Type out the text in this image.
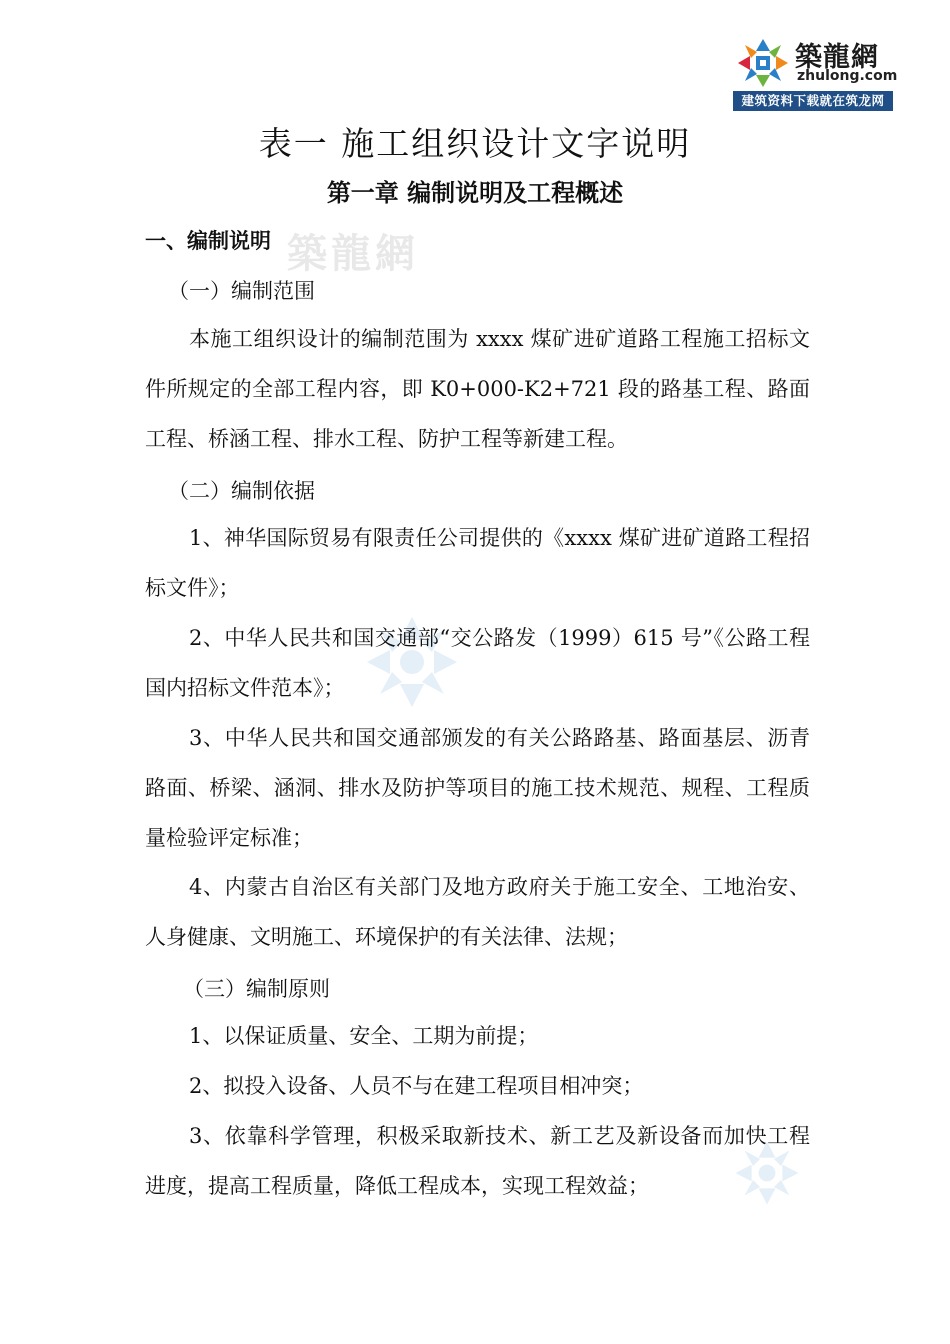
築龍網
築龍網
zhulong.com
建筑资料下载就在筑龙网
表一 施工组织设计文字说明
第一章 编制说明及工程概述
一、编制说明
（一）编制范围
本施工组织设计的编制范围为 xxxx 煤矿进矿道路工程施工招标文件所规定的全部工程内容，即 K0+000-K2+721 段的路基工程、路面工程、桥涵工程、排水工程、防护工程等新建工程。
（二）编制依据
1、神华国际贸易有限责任公司提供的《xxxx 煤矿进矿道路工程招标文件》；
2、中华人民共和国交通部“交公路发（1999）615 号”《公路工程国内招标文件范本》；
3、中华人民共和国交通部颁发的有关公路路基、路面基层、沥青路面、桥梁、涵洞、排水及防护等项目的施工技术规范、规程、工程质量检验评定标准；
4、内蒙古自治区有关部门及地方政府关于施工安全、工地治安、人身健康、文明施工、环境保护的有关法律、法规；
（三）编制原则
1、以保证质量、安全、工期为前提；
2、拟投入设备、人员不与在建工程项目相冲突；
3、依靠科学管理，积极采取新技术、新工艺及新设备而加快工程进度，提高工程质量，降低工程成本，实现工程效益；
